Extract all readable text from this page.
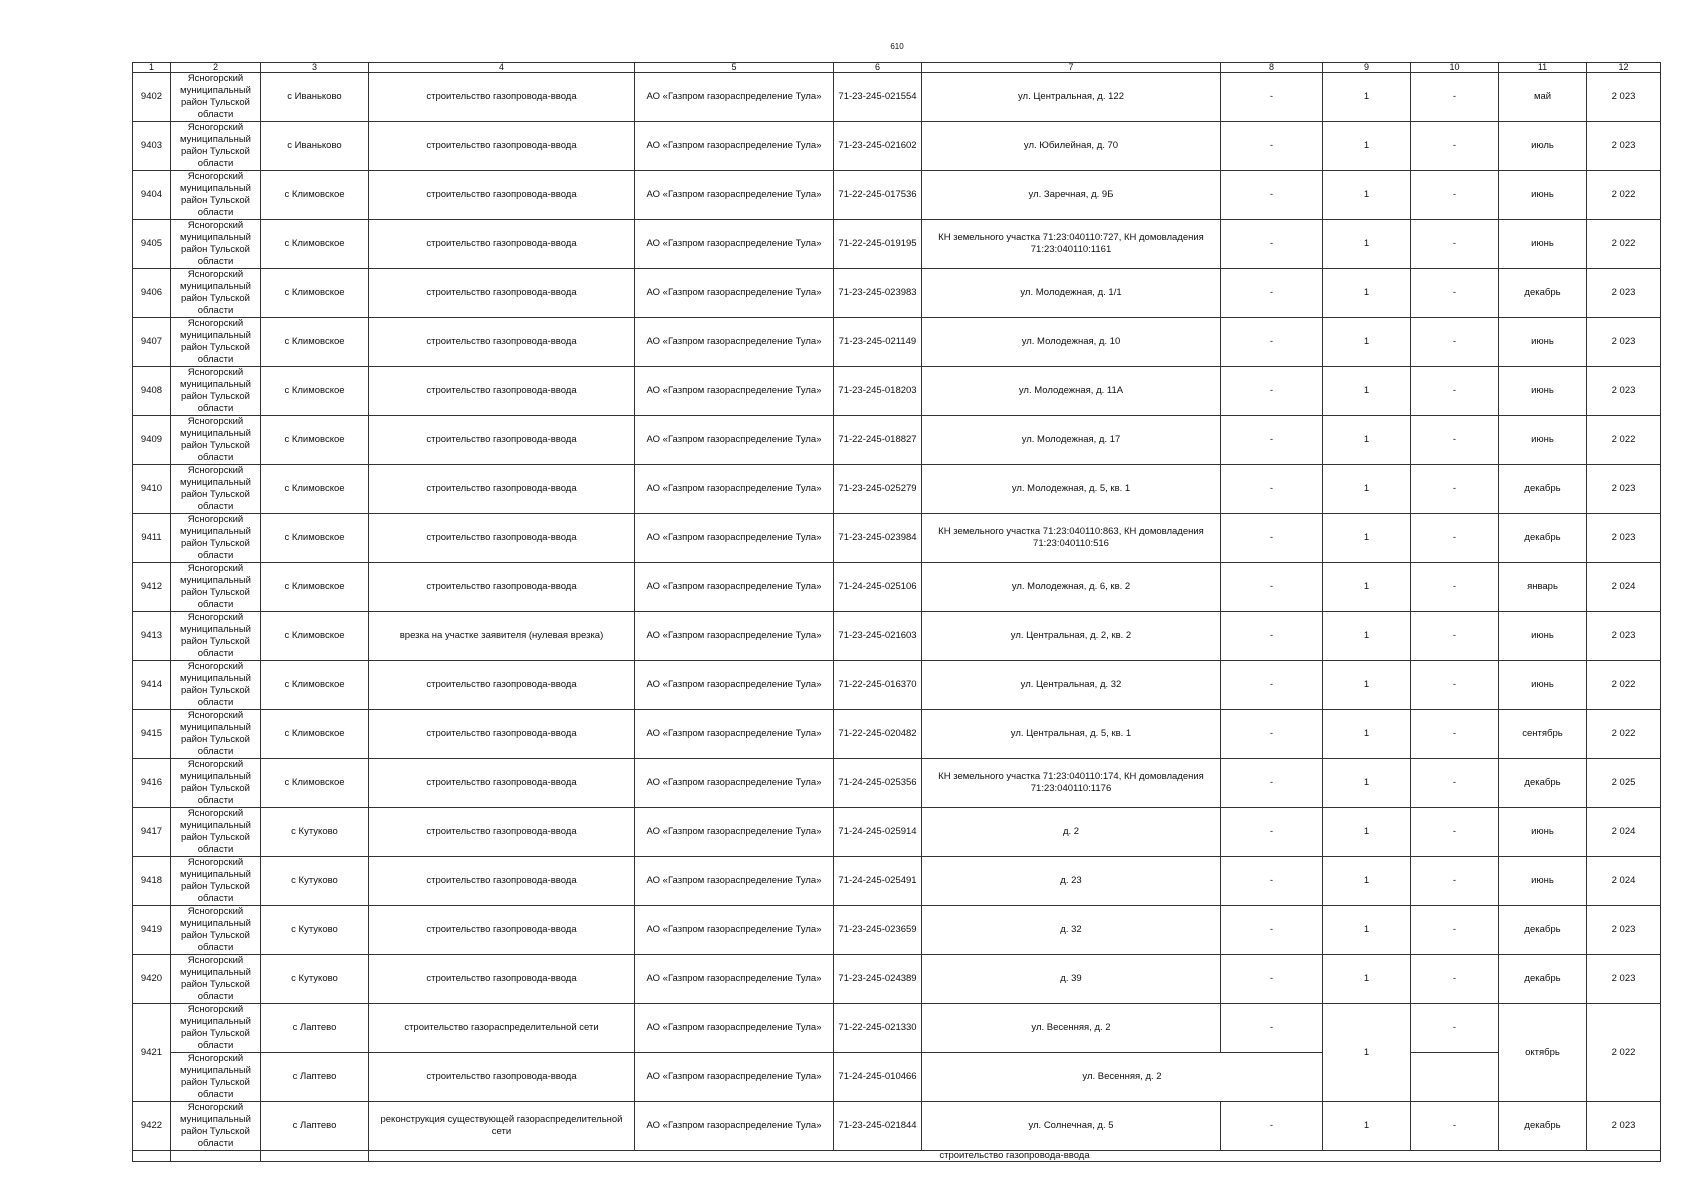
610
1	2	3	4	5	6	7	8	9	10	11	12
9402	Ясногорский муниципальный район Тульской области	с Иваньково	строительство газопровода-ввода	АО «Газпром газораспределение Тула»	71-23-245-021554	ул. Центральная, д. 122	-	1	-	май	2 023
9403	Ясногорский муниципальный район Тульской области	с Иваньково	строительство газопровода-ввода	АО «Газпром газораспределение Тула»	71-23-245-021602	ул. Юбилейная, д. 70	-	1	-	июль	2 023
9404	Ясногорский муниципальный район Тульской области	с Климовское	строительство газопровода-ввода	АО «Газпром газораспределение Тула»	71-22-245-017536	ул. Заречная, д. 9Б	-	1	-	июнь	2 022
9405	Ясногорский муниципальный район Тульской области	с Климовское	строительство газопровода-ввода	АО «Газпром газораспределение Тула»	71-22-245-019195	КН земельного участка 71:23:040110:727, КН домовладения 71:23:040110:1161	-	1	-	июнь	2 022
9406	Ясногорский муниципальный район Тульской области	с Климовское	строительство газопровода-ввода	АО «Газпром газораспределение Тула»	71-23-245-023983	ул. Молодежная, д. 1/1	-	1	-	декабрь	2 023
9407	Ясногорский муниципальный район Тульской области	с Климовское	строительство газопровода-ввода	АО «Газпром газораспределение Тула»	71-23-245-021149	ул. Молодежная, д. 10	-	1	-	июнь	2 023
9408	Ясногорский муниципальный район Тульской области	с Климовское	строительство газопровода-ввода	АО «Газпром газораспределение Тула»	71-23-245-018203	ул. Молодежная, д. 11А	-	1	-	июнь	2 023
9409	Ясногорский муниципальный район Тульской области	с Климовское	строительство газопровода-ввода	АО «Газпром газораспределение Тула»	71-22-245-018827	ул. Молодежная, д. 17	-	1	-	июнь	2 022
9410	Ясногорский муниципальный район Тульской области	с Климовское	строительство газопровода-ввода	АО «Газпром газораспределение Тула»	71-23-245-025279	ул. Молодежная, д. 5, кв. 1	-	1	-	декабрь	2 023
9411	Ясногорский муниципальный район Тульской области	с Климовское	строительство газопровода-ввода	АО «Газпром газораспределение Тула»	71-23-245-023984	КН земельного участка 71:23:040110:863, КН домовладения 71:23:040110:516	-	1	-	декабрь	2 023
9412	Ясногорский муниципальный район Тульской области	с Климовское	строительство газопровода-ввода	АО «Газпром газораспределение Тула»	71-24-245-025106	ул. Молодежная, д. 6, кв. 2	-	1	-	январь	2 024
9413	Ясногорский муниципальный район Тульской области	с Климовское	врезка на участке заявителя (нулевая врезка)	АО «Газпром газораспределение Тула»	71-23-245-021603	ул. Центральная, д. 2, кв. 2	-	1	-	июнь	2 023
9414	Ясногорский муниципальный район Тульской области	с Климовское	строительство газопровода-ввода	АО «Газпром газораспределение Тула»	71-22-245-016370	ул. Центральная, д. 32	-	1	-	июнь	2 022
9415	Ясногорский муниципальный район Тульской области	с Климовское	строительство газопровода-ввода	АО «Газпром газораспределение Тула»	71-22-245-020482	ул. Центральная, д. 5, кв. 1	-	1	-	сентябрь	2 022
9416	Ясногорский муниципальный район Тульской области	с Климовское	строительство газопровода-ввода	АО «Газпром газораспределение Тула»	71-24-245-025356	КН земельного участка 71:23:040110:174, КН домовладения 71:23:040110:1176	-	1	-	декабрь	2 025
9417	Ясногорский муниципальный район Тульской области	с Кутуково	строительство газопровода-ввода	АО «Газпром газораспределение Тула»	71-24-245-025914	д. 2	-	1	-	июнь	2 024
9418	Ясногорский муниципальный район Тульской области	с Кутуково	строительство газопровода-ввода	АО «Газпром газораспределение Тула»	71-24-245-025491	д. 23	-	1	-	июнь	2 024
9419	Ясногорский муниципальный район Тульской области	с Кутуково	строительство газопровода-ввода	АО «Газпром газораспределение Тула»	71-23-245-023659	д. 32	-	1	-	декабрь	2 023
9420	Ясногорский муниципальный район Тульской области	с Кутуково	строительство газопровода-ввода	АО «Газпром газораспределение Тула»	71-23-245-024389	д. 39	-	1	-	декабрь	2 023
9421	Ясногорский муниципальный район Тульской области	с Лаптево	строительство газораспределительной сети	АО «Газпром газораспределение Тула»	71-22-245-021330	ул. Весенняя, д. 2	-	1	-	октябрь	2 022
	Ясногорский муниципальный район Тульской области	с Лаптево	строительство газопровода-ввода	АО «Газпром газораспределение Тула»	71-24-245-010466	ул. Весенняя, д. 2					
9422	Ясногорский муниципальный район Тульской области	с Лаптево	реконструкция существующей газораспределительной сети	АО «Газпром газораспределение Тула»	71-23-245-021844	ул. Солнечная, д. 5	-	1	-	декабрь	2 023
			строительство газопровода-ввода								
